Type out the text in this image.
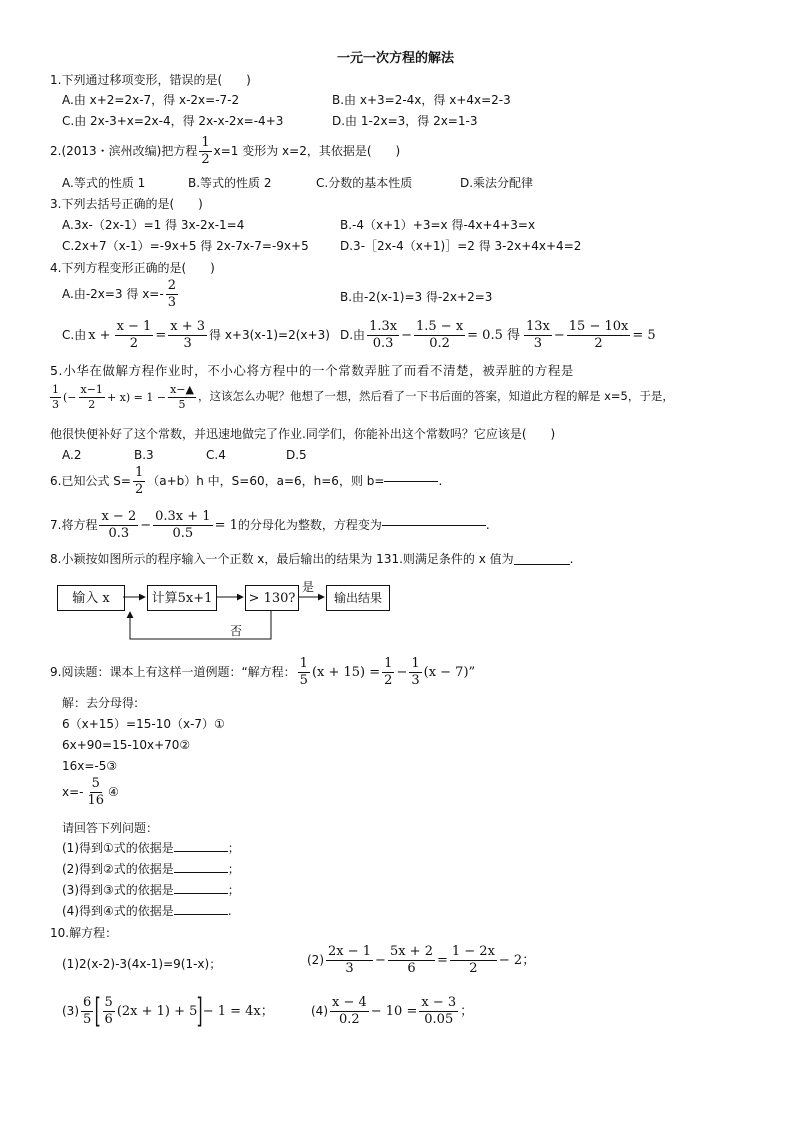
一元一次方程的解法
1.下列通过移项变形，错误的是(　　)
A.由 x+2=2x-7，得 x-2x=-7-2	B.由 x+3=2-4x，得 x+4x=2-3
C.由 2x-3+x=2x-4，得 2x-x-2x=-4+3	D.由 1-2x=3，得 2x=1-3
2.(2013・滨州改编)把方程 $\frac{1}{2} x=1$ 变形为 x=2，其依据是(　　)
A.等式的性质 1	B.等式的性质 2	C.分数的基本性质	D.乘法分配律
3.下列去括号正确的是(　　)
A.3x-（2x-1）=1 得 3x-2x-1=4	B.-4（x+1）+3=x 得-4x+4+3=x
C.2x+7（x-1）=-9x+5 得 2x-7x-7=-9x+5	D.3-［2x-4（x+1)］=2 得 3-2x+4x+4=2
4.下列方程变形正确的是(　　)
A.由-2x=3 得 $x=- \frac{2}{3}$	B.由-2(x-1)=3 得-2x+2=3
C.由 $x + \frac{x - 1}{2} = \frac{x + 3}{3}$ 得 x+3(x-1)=2(x+3) D.由 $\frac{1.3x}{0.3} - \frac{1.5 - x}{0.2} = 0.5$ 得 $\frac{13x}{3} - \frac{15 - 10x}{2} = 5$
5.小华在做解方程作业时，不小心将方程中的一个常数弄脏了而看不清楚，被弄脏的方程是
$\frac{1}{3}$ (− $\frac{x-1}{2} + x) = 1 - \frac{x-▲}{5}$ ，这该怎么办呢？他想了一想，然后看了一下书后面的答案，知道此方程的解是 x=5，于是，
他很快便补好了这个常数，并迅速地做完了作业.同学们，你能补出这个常数吗？它应该是(　　)
A.2	B.3	C.4	D.5
6.已知公式 $S= \frac{1}{2} (a+b)h$ 中，S=60，a=6，h=6，则 b=	.
7.将方程 $\frac{x - 2}{0.3} - \frac{0.3x + 1}{0.5} = 1$ 的分母化为整数，方程变为	.
8.小颖按如图所示的程序输入一个正数 x，最后输出的结果为 131.则满足条件的 x 值为	.
输入 x	计算5x+1	> 130?	输出结果
是
否
9.阅读题：课本上有这样一道例题：“解方程： $\frac{1}{5} (x + 15) = \frac{1}{2} - \frac{1}{3} (x - 7)$”
解：去分母得:
6（x+15）=15-10（x-7）①
6x+90=15-10x+70②
16x=-5③
$x=- \frac{5}{16}$ ④
请回答下列问题：
(1)得到①式的依据是	；
(2)得到②式的依据是	；
(3)得到③式的依据是	；
(4)得到④式的依据是	.
10.解方程：
(1)2(x-2)-3(4x-1)=9(1-x)；	$(2) \frac{2x - 1}{3} - \frac{5x + 2}{6} = \frac{1 - 2x}{2} - 2$；
$(3) \frac{6}{5}$ [ $\frac{5}{6} (2x + 1) + 5$ ] − 1 = 4x；	$(4) \frac{x - 4}{0.2} - 10 = \frac{x - 3}{0.05}$ ；
